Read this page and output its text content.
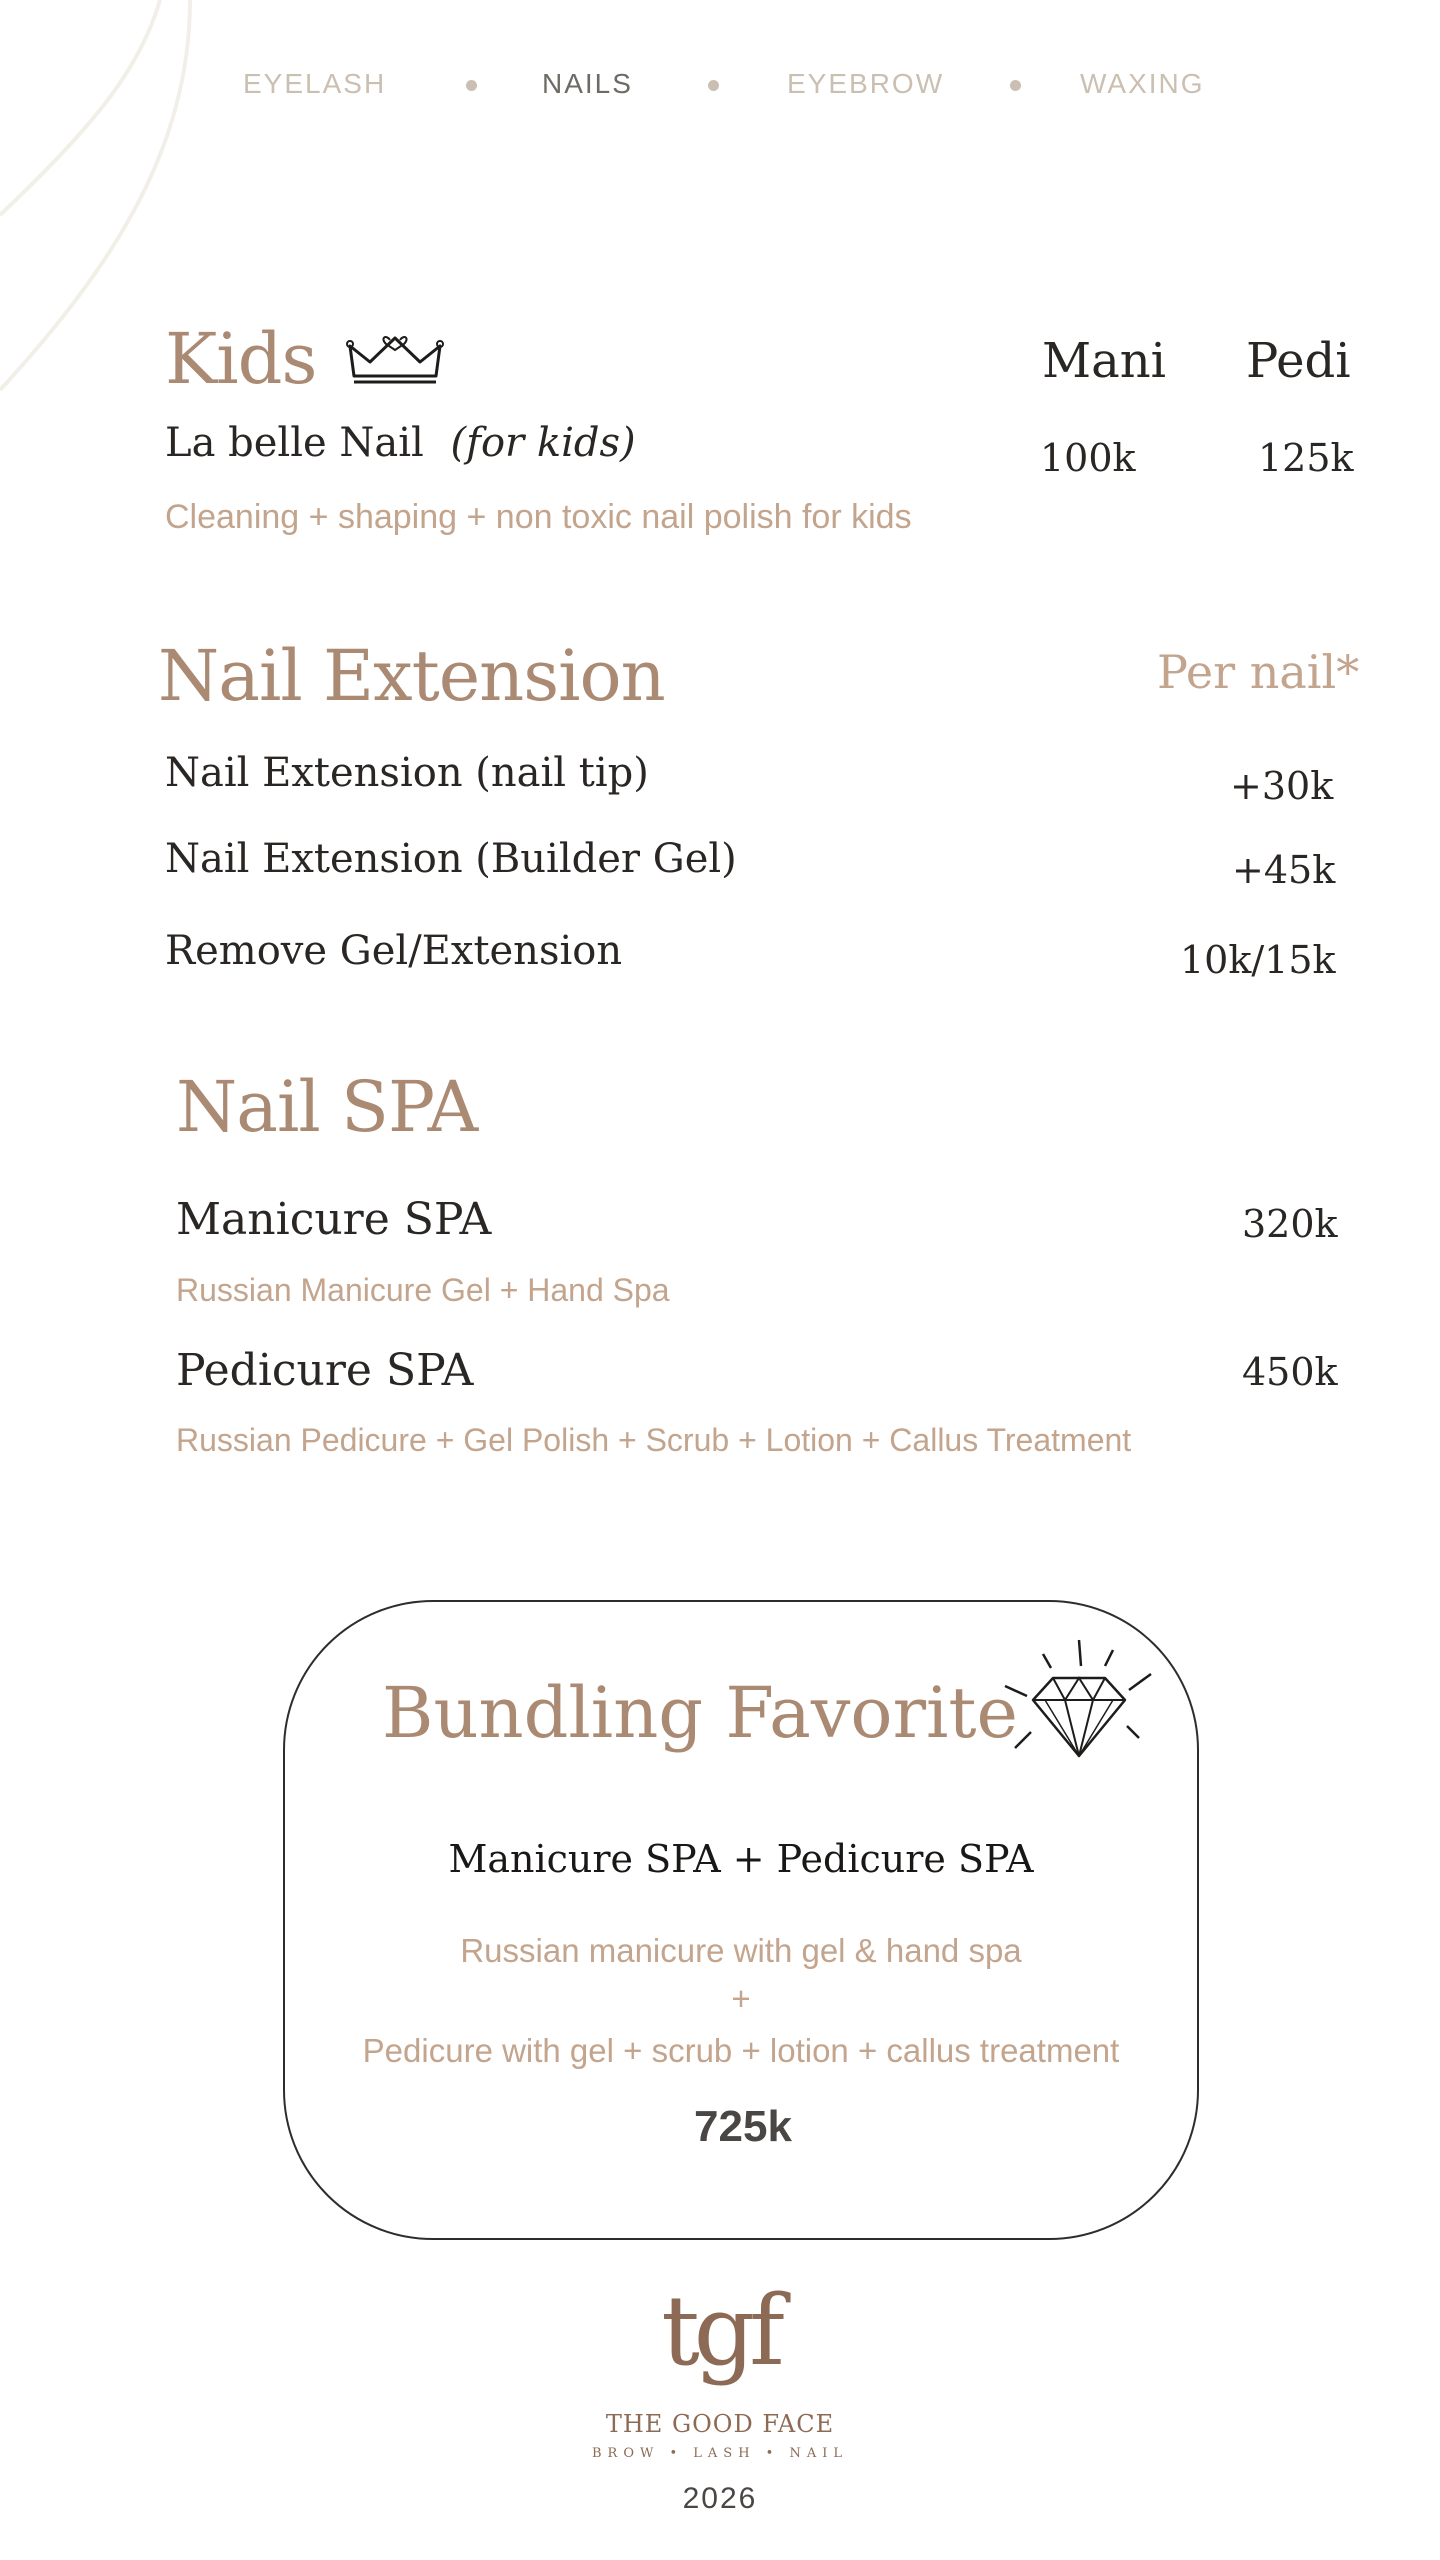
EYELASH	NAILS	EYEBROW	WAXING
Kids	Mani Pedi
La belle Nail (for kids)	100k	125k
Cleaning + shaping + non toxic nail polish for kids
Nail Extension	Per nail*
Nail Extension (nail tip)	+30k
Nail Extension (Builder Gel)	+45k
Remove Gel/Extension	10k/15k
Nail SPA
Manicure SPA	320k
Russian Manicure Gel + Hand Spa
Pedicure SPA	450k
Russian Pedicure + Gel Polish + Scrub + Lotion + Callus Treatment
Bundling Favorite
Manicure SPA + Pedicure SPA
Russian manicure with gel & hand spa
+
Pedicure with gel + scrub + lotion + callus treatment
725k
tgf
THE GOOD FACE
BROW • LASH • NAIL
2026
